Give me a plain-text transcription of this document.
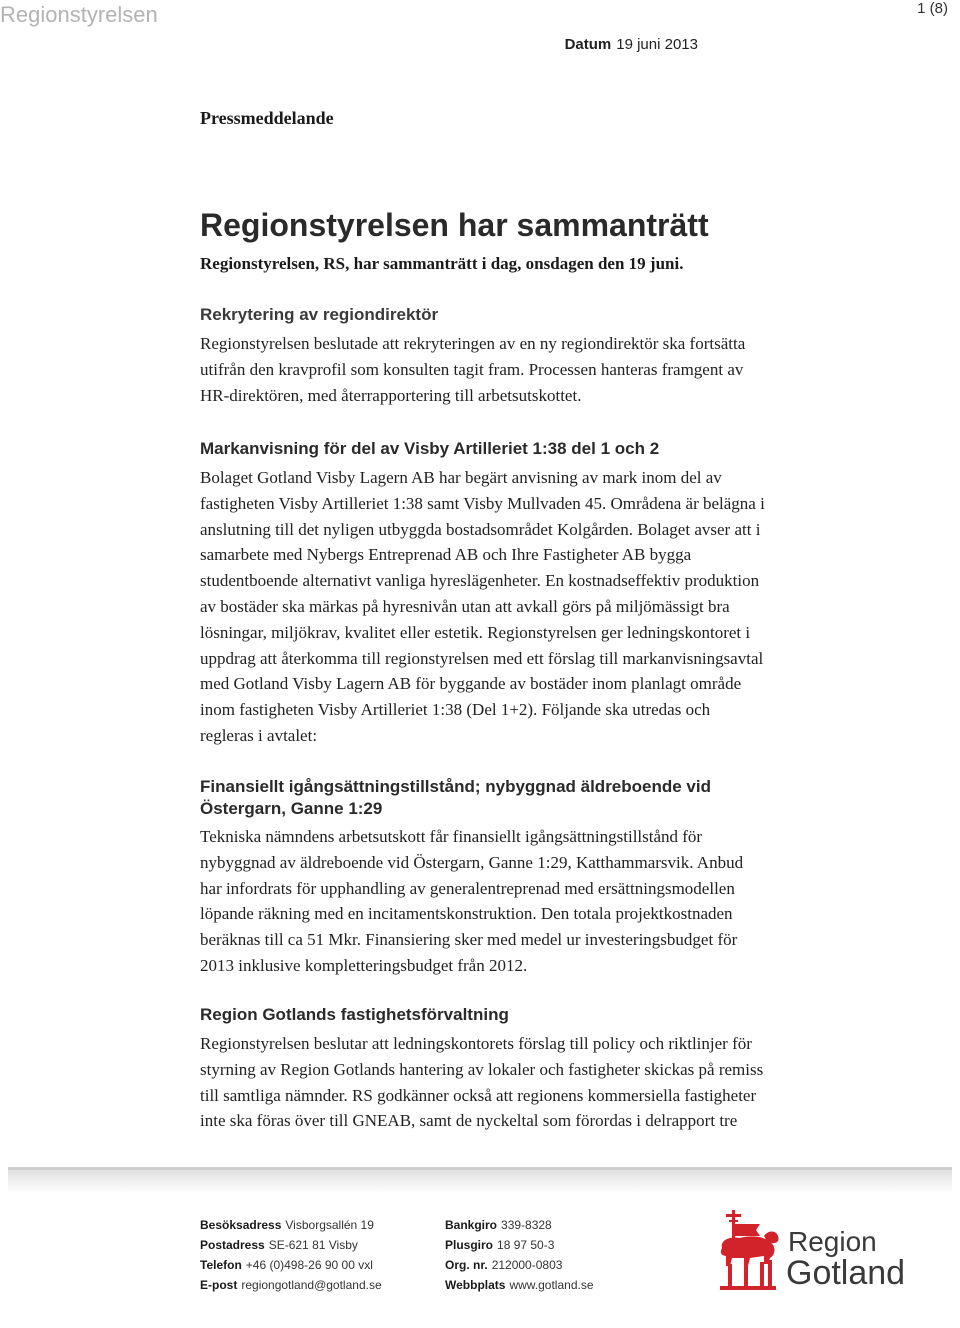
Regionstyrelsen	1 (8)
Datum 19 juni 2013
Pressmeddelande
Regionstyrelsen har sammanträtt
Regionstyrelsen, RS, har sammanträtt i dag, onsdagen den 19 juni.
Rekrytering av regiondirektör

Regionstyrelsen beslutade att rekryteringen av en ny regiondirektör ska fortsätta
utifrån den kravprofil som konsulten tagit fram. Processen hanteras framgent av
HR-direktören, med återrapportering till arbetsutskottet.

Markanvisning för del av Visby Artilleriet 1:38 del 1 och 2

Bolaget Gotland Visby Lagern AB har begärt anvisning av mark inom del av
fastigheten Visby Artilleriet 1:38 samt Visby Mullvaden 45. Områdena är belägna i
anslutning till det nyligen utbyggda bostadsområdet Kolgården. Bolaget avser att i
samarbete med Nybergs Entreprenad AB och Ihre Fastigheter AB bygga
studentboende alternativt vanliga hyreslägenheter. En kostnadseffektiv produktion
av bostäder ska märkas på hyresnivån utan att avkall görs på miljömässigt bra
lösningar, miljökrav, kvalitet eller estetik. Regionstyrelsen ger ledningskontoret i
uppdrag att återkomma till regionstyrelsen med ett förslag till markanvisningsavtal
med Gotland Visby Lagern AB för byggande av bostäder inom planlagt område
inom fastigheten Visby Artilleriet 1:38 (Del 1+2). Följande ska utredas och
regleras i avtalet:

Finansiellt igångsättningstillstånd; nybyggnad äldreboende vid
Östergarn, Ganne 1:29

Tekniska nämndens arbetsutskott får finansiellt igångsättningstillstånd för
nybyggnad av äldreboende vid Östergarn, Ganne 1:29, Katthammarsvik. Anbud
har infordrats för upphandling av generalentreprenad med ersättningsmodellen
löpande räkning med en incitamentskonstruktion. Den totala projektkostnaden
beräknas till ca 51 Mkr. Finansiering sker med medel ur investeringsbudget för
2013 inklusive kompletteringsbudget från 2012.

Region Gotlands fastighetsförvaltning

Regionstyrelsen beslutar att ledningskontorets förslag till policy och riktlinjer för
styrning av Region Gotlands hantering av lokaler och fastigheter skickas på remiss
till samtliga nämnder. RS godkänner också att regionens kommersiella fastigheter
inte ska föras över till GNEAB, samt de nyckeltal som förordas i delrapport tre

Besöksadress Visborgsallén 19
Postadress SE-621 81 Visby
Telefon +46 (0)498-26 90 00 vxl
E-post regiongotland@gotland.se
Bankgiro 339-8328
Plusgiro 18 97 50-3
Org. nr. 212000-0803
Webbplats www.gotland.se
Region
Gotland
